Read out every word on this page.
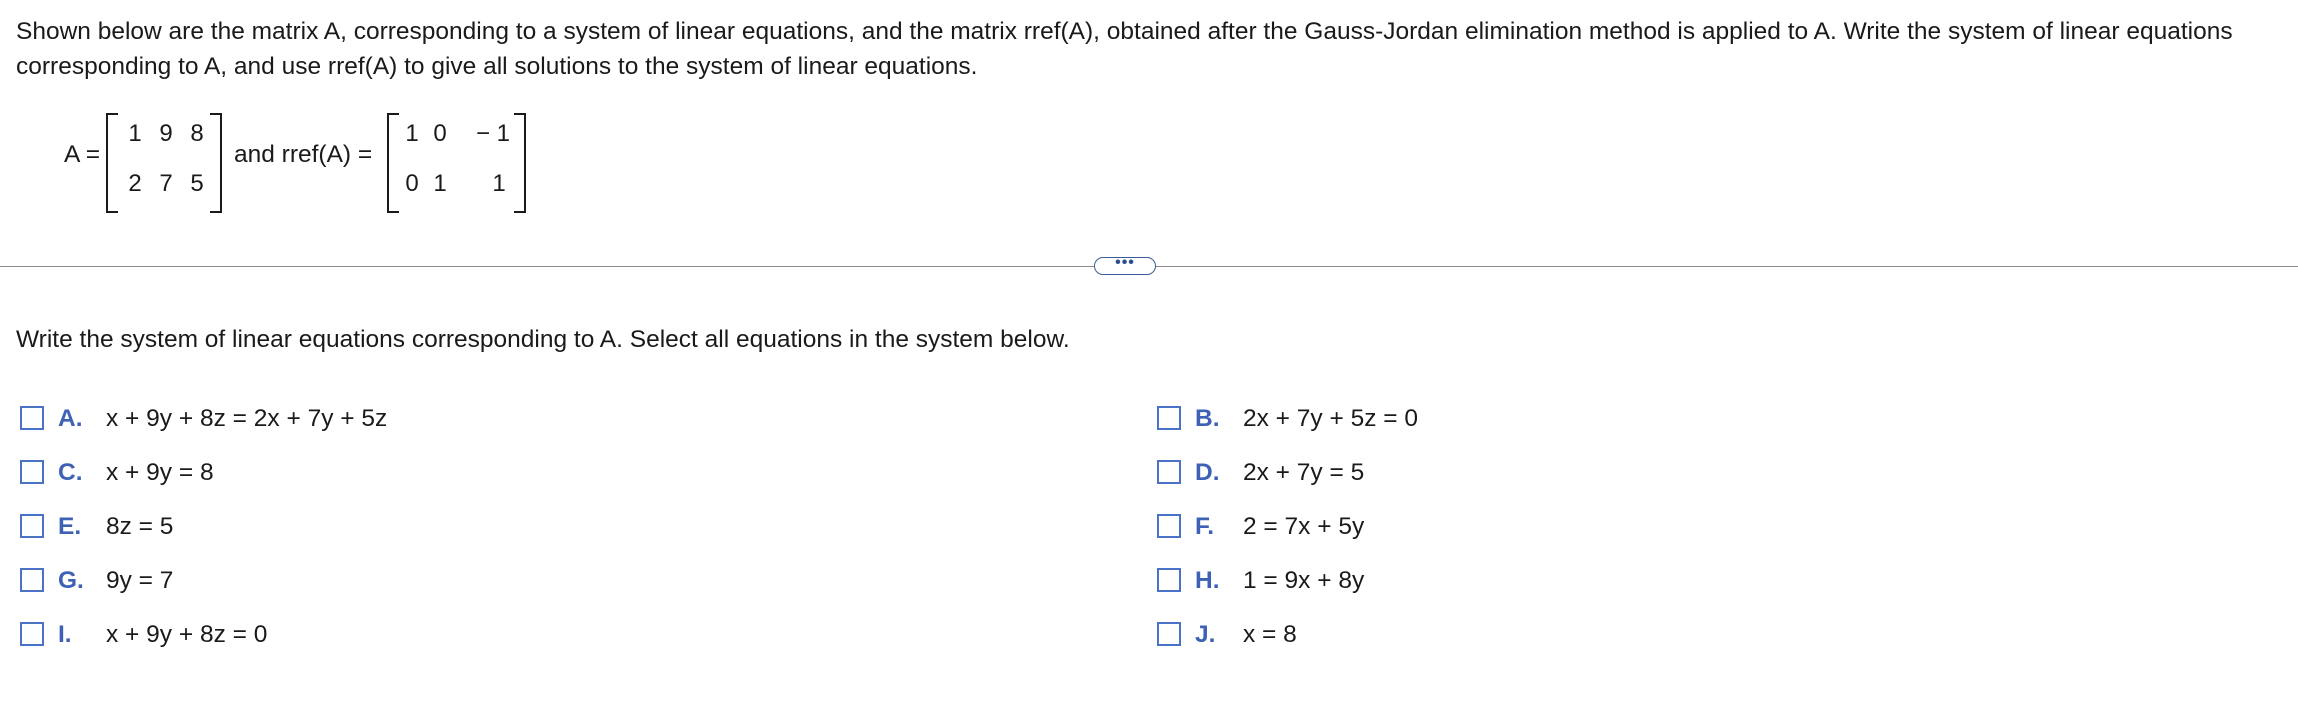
Shown below are the matrix A, corresponding to a system of linear equations, and the matrix rref(A), obtained after the Gauss-Jordan elimination method is applied to A. Write the system of linear equations corresponding to A, and use rref(A) to give all solutions to the system of linear equations.
A =
1 9 8
2 7 5
and rref(A) =
1 0	− 1
0 1	1
•••
Write the system of linear equations corresponding to A. Select all equations in the system below.
A. x + 9y + 8z = 2x + 7y + 5z	B. 2x + 7y + 5z = 0
C. x + 9y = 8	D. 2x + 7y = 5
E. 8z = 5	F. 2 = 7x + 5y
G. 9y = 7	H. 1 = 9x + 8y
I. x + 9y + 8z = 0	J. x = 8
